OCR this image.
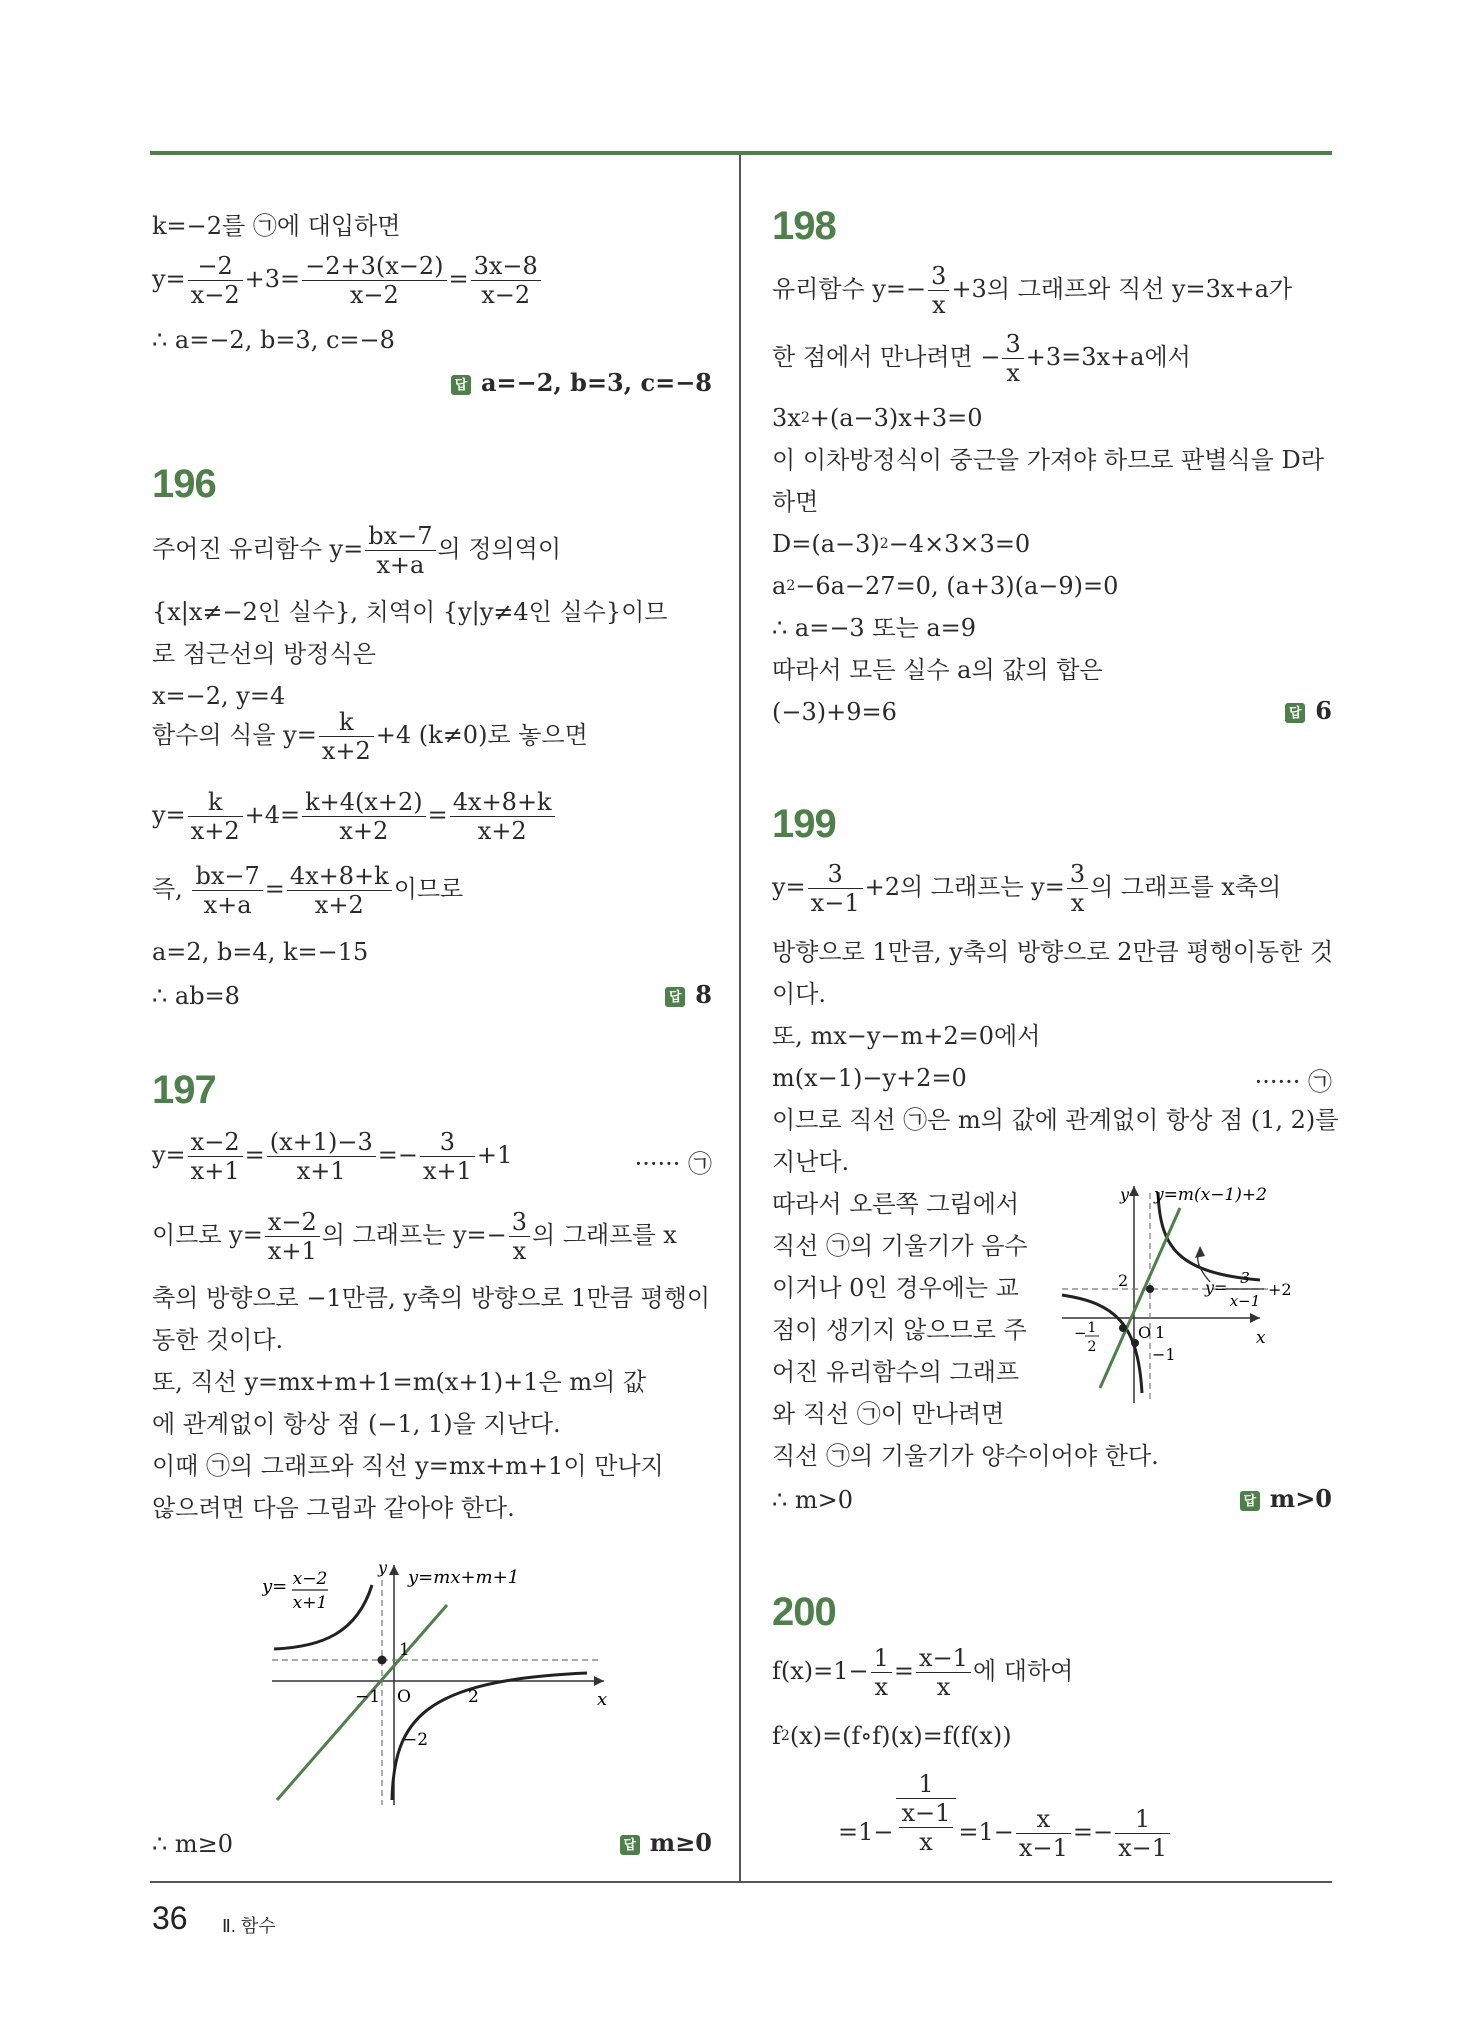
k=−2를 ㉠에 대입하면
$y= \frac{-2}{x-2} +3= \frac{-2+3(x-2)}{x-2} = \frac{3x-8}{x-2}$
∴ a=−2, b=3, c=−8
답 a=−2, b=3, c=−8
196
주어진 유리함수 $y= \frac{bx-7}{x+a}$ 의 정의역이
{x|x≠−2인 실수}, 치역이 {y|y≠4인 실수}이므
로 점근선의 방정식은
x=−2, y=4
함수의 식을 $y= \frac{k}{x+2} +4$ (k≠0)로 놓으면
$y= \frac{k}{x+2} +4= \frac{k+4(x+2)}{x+2} = \frac{4x+8+k}{x+2}$
즉, $\frac{bx-7}{x+a} = \frac{4x+8+k}{x+2}$ 이므로
a=2, b=4, k=−15
∴ ab=8	답 8
197
$y= \frac{x-2}{x+1} = \frac{(x+1)-3}{x+1} =- \frac{3}{x+1} +1$	······ ㉠
이므로 $y= \frac{x-2}{x+1}$ 의 그래프는 $y=- \frac{3}{x}$ 의 그래프를 x
축의 방향으로 −1만큼, y축의 방향으로 1만큼 평행이
동한 것이다.
또, 직선 y=mx+m+1=m(x+1)+1은 m의 값
에 관계없이 항상 점 (−1, 1)을 지난다.
이때 ㉠의 그래프와 직선 y=mx+m+1이 만나지
않으려면 다음 그림과 같아야 한다.
y= x−2
x+1
y=mx+m+1
y
x
1
−1 O	2
−2
∴ m≥0	답 m≥0
198
유리함수 $y=- \frac{3}{x} +3$의 그래프와 직선 y=3x+a가
한 점에서 만나려면 − $\frac{3}{x} +3=3x+a$에서
$3x^2+(a-3)x+3=0$
이 이차방정식이 중근을 가져야 하므로 판별식을 D라
하면
$D=(a-3)^2-4\times 3\times 3=0$
$a^2-6a-27=0$, (a+3)(a−9)=0
∴ a=−3 또는 a=9
따라서 모든 실수 a의 값의 합은
(−3)+9=6	답 6
199
$y= \frac{3}{x-1} +2$의 그래프는 $y= \frac{3}{x}$ 의 그래프를 x축의
방향으로 1만큼, y축의 방향으로 2만큼 평행이동한 것
이다.
또, mx−y−m+2=0에서
m(x−1)−y+2=0	······ ㉠
이므로 직선 ㉠은 m의 값에 관계없이 항상 점 (1, 2)를
지난다.
따라서 오른쪽 그림에서
직선 ㉠의 기울기가 음수
이거나 0인 경우에는 교
점이 생기지 않으므로 주
어진 유리함수의 그래프
와 직선 ㉠이 만나려면
y
x
y=m(x−1)+2
y= 3
x−1
+2
2
O 1
−1
− 1
2
직선 ㉠의 기울기가 양수이어야 한다.
∴ m>0	답 m>0
200
$f(x)=1- \frac{1}{x} = \frac{x-1}{x}$ 에 대하여
$f^2(x)=(f\circ f)(x)=f(f(x))$
=1− 1
x−1
$x =1- \frac{x}{x-1} =- \frac{1}{x-1}$
36 Ⅱ. 함수
